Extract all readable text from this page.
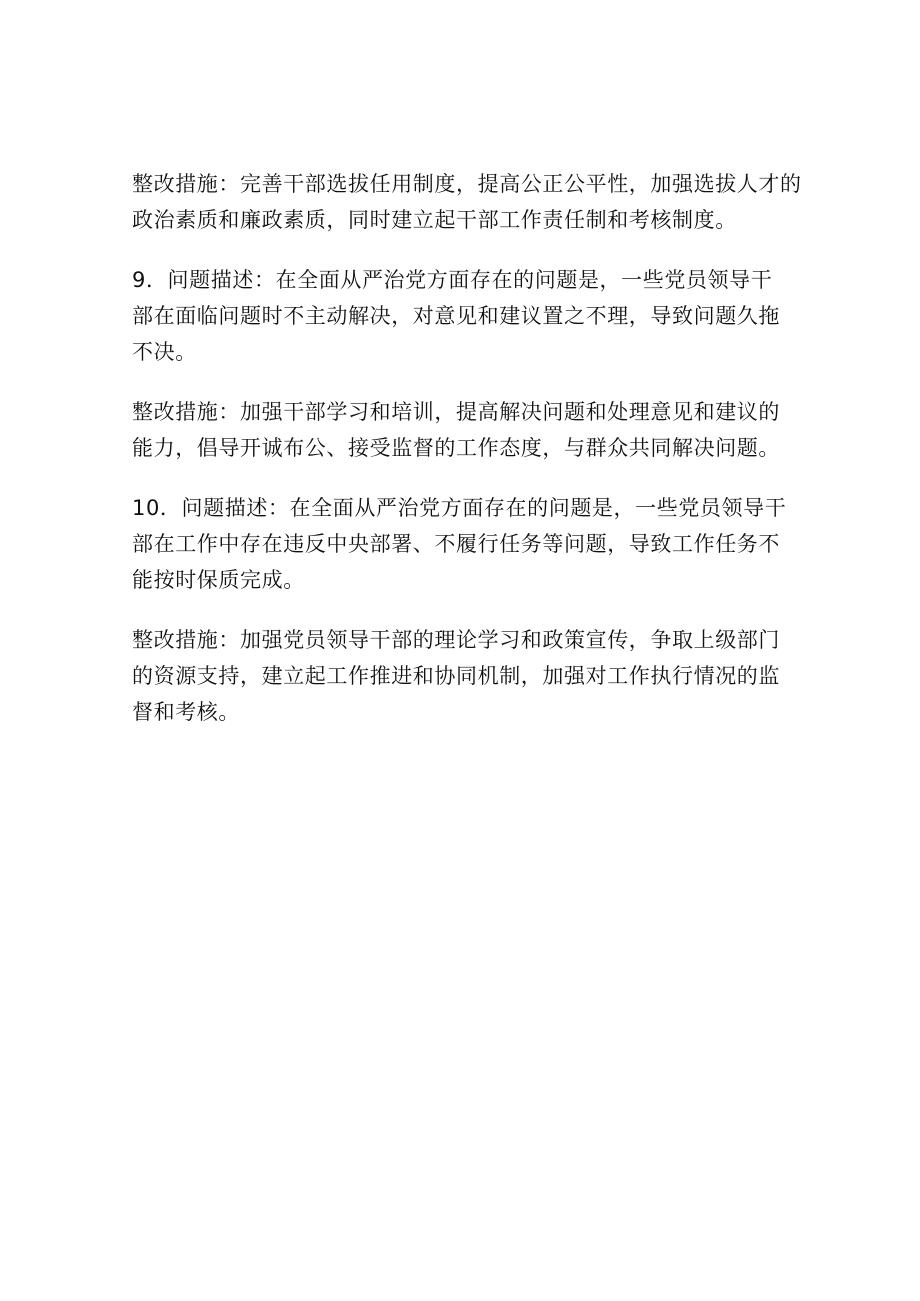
整改措施：完善干部选拔任用制度，提高公正公平性，加强选拔人才的
政治素质和廉政素质，同时建立起干部工作责任制和考核制度。

9．问题描述：在全面从严治党方面存在的问题是，一些党员领导干
部在面临问题时不主动解决，对意见和建议置之不理，导致问题久拖
不决。

整改措施：加强干部学习和培训，提高解决问题和处理意见和建议的
能力，倡导开诚布公、接受监督的工作态度，与群众共同解决问题。

10．问题描述：在全面从严治党方面存在的问题是，一些党员领导干
部在工作中存在违反中央部署、不履行任务等问题，导致工作任务不
能按时保质完成。

整改措施：加强党员领导干部的理论学习和政策宣传，争取上级部门
的资源支持，建立起工作推进和协同机制，加强对工作执行情况的监
督和考核。
